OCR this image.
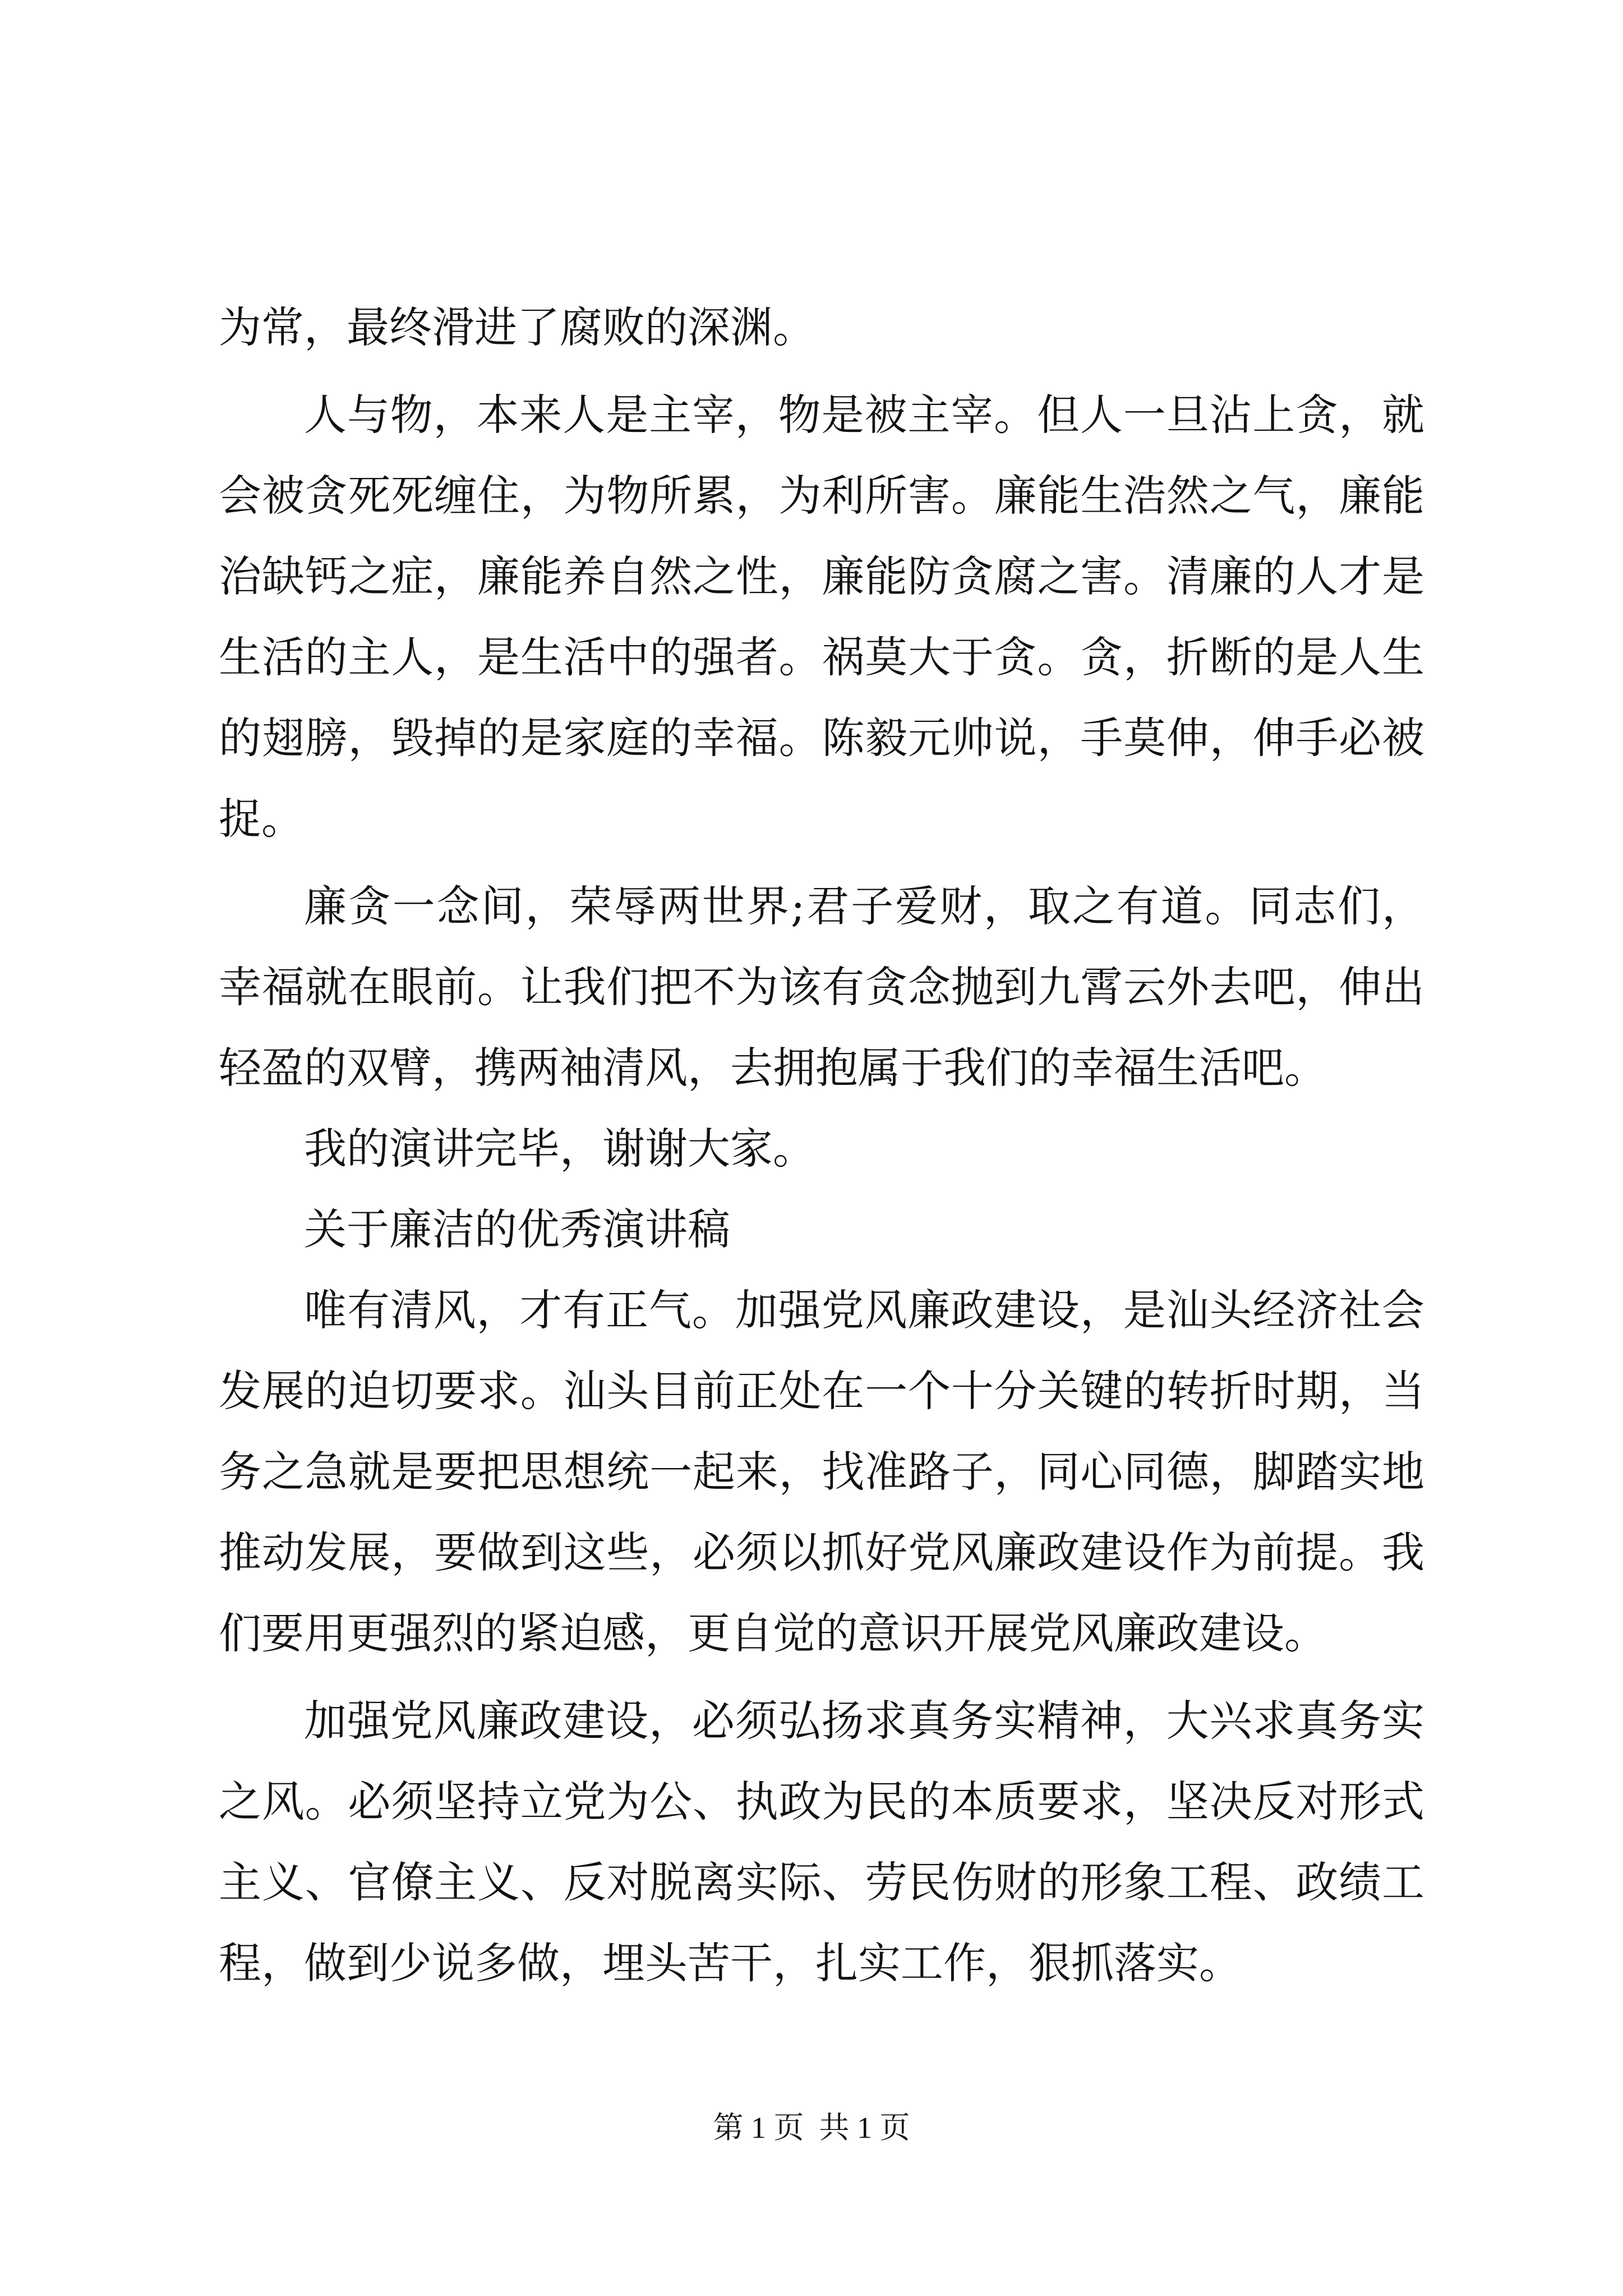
为常，最终滑进了腐败的深渊。
人与物，本来人是主宰，物是被主宰。但人一旦沾上贪，就
会被贪死死缠住，为物所累，为利所害。廉能生浩然之气，廉能
治缺钙之症，廉能养自然之性，廉能防贪腐之害。清廉的人才是
生活的主人，是生活中的强者。祸莫大于贪。贪，折断的是人生
的翅膀，毁掉的是家庭的幸福。陈毅元帅说，手莫伸，伸手必被
捉。
廉贪一念间，荣辱两世界;君子爱财，取之有道。同志们，
幸福就在眼前。让我们把不为该有贪念抛到九霄云外去吧，伸出
轻盈的双臂，携两袖清风，去拥抱属于我们的幸福生活吧。
我的演讲完毕，谢谢大家。
关于廉洁的优秀演讲稿
唯有清风，才有正气。加强党风廉政建设，是汕头经济社会
发展的迫切要求。汕头目前正处在一个十分关键的转折时期，当
务之急就是要把思想统一起来，找准路子，同心同德，脚踏实地
推动发展，要做到这些，必须以抓好党风廉政建设作为前提。我
们要用更强烈的紧迫感，更自觉的意识开展党风廉政建设。
加强党风廉政建设，必须弘扬求真务实精神，大兴求真务实
之风。必须坚持立党为公、执政为民的本质要求，坚决反对形式
主义、官僚主义、反对脱离实际、劳民伤财的形象工程、政绩工
程，做到少说多做，埋头苦干，扎实工作，狠抓落实。
第 1 页  共 1 页
